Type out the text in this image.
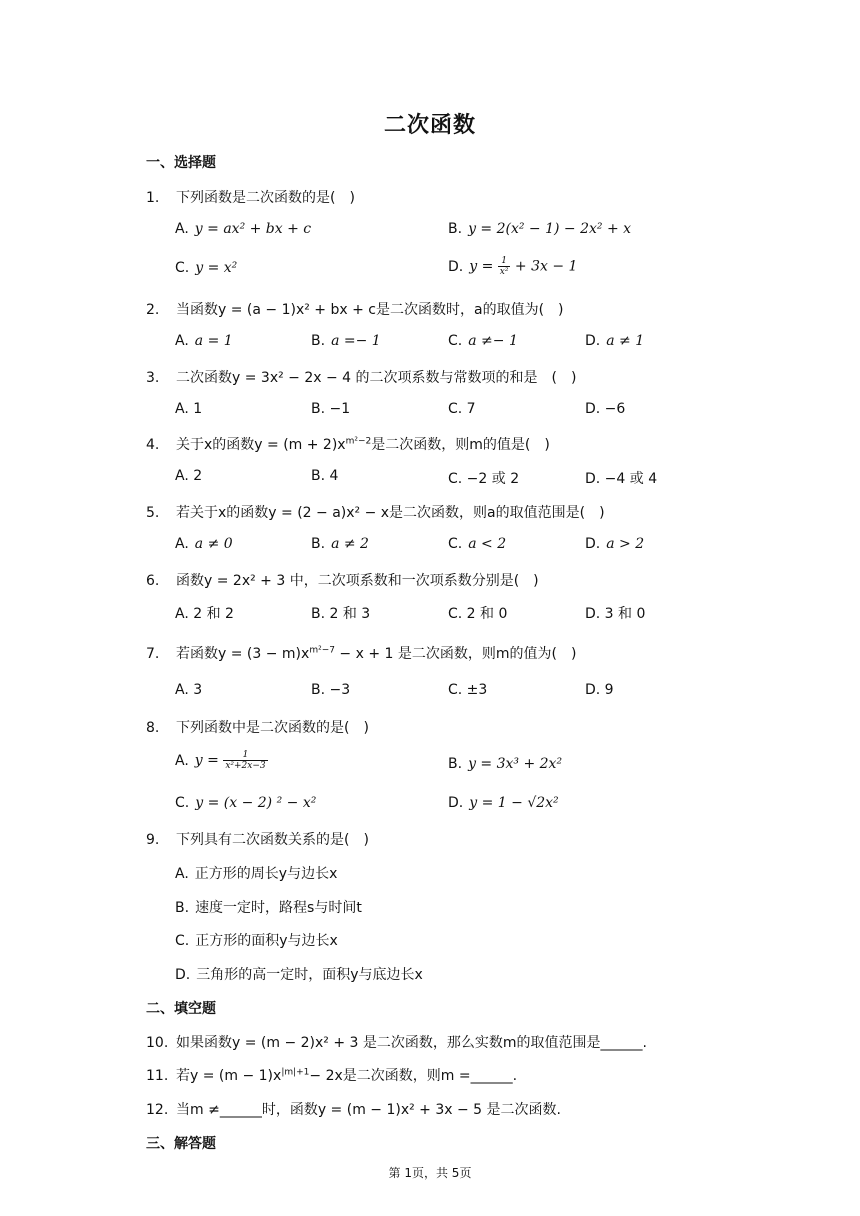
二次函数
一、选择题
1. 下列函数是二次函数的是(　)
A. y = ax² + bx + c	B. y = 2(x² − 1) − 2x² + x
C. y = x²	D. $y = \frac{1}{\text{x²}} + 3x - 1$
2. 当函数y = (a − 1)x² + bx + c是二次函数时，a的取值为(　)
A. a = 1	B. a =− 1	C. a ≠− 1	D. a ≠ 1
3. 二次函数y = 3x² − 2x − 4 的二次项系数与常数项的和是　(　)
A. 1	B. −1	C. 7	D. −6
4. 关于x的函数$y = (m + 2)x^{m^2-2}$是二次函数，则m的值是(　)
A. 2	B. 4	C. −2 或 2	D. −4 或 4
5. 若关于x的函数y = (2 − a)x² − x是二次函数，则a的取值范围是(　)
A. a ≠ 0	B. a ≠ 2	C. a < 2	D. a > 2
6. 函数y = 2x² + 3 中，二次项系数和一次项系数分别是(　)
A. 2 和 2	B. 2 和 3	C. 2 和 0	D. 3 和 0
7. 若函数$y = (3 - m)x^{m^2-7} - x + 1$ 是二次函数，则m的值为(　)
A. 3	B. −3	C. ±3	D. 9
8. 下列函数中是二次函数的是(　)
A. $y = \frac{1}{\text{x²+2x−3}}$	B. y = 3x³ + 2x²
C. y = (x − 2) ² − x²	D. y = 1 − √2x²
9. 下列具有二次函数关系的是(　)
A. 正方形的周长y与边长x
B. 速度一定时，路程s与时间t
C. 正方形的面积y与边长x
D. 三角形的高一定时，面积y与底边长x
二、填空题
10. 如果函数y = (m − 2)x² + 3 是二次函数，那么实数m的取值范围是______.
11. 若$y = (m - 1)x^{|m|+1}- 2x$是二次函数，则m =______.
12. 当m ≠______时，函数y = (m − 1)x² + 3x − 5 是二次函数.
三、解答题
第 1页，共 5页
